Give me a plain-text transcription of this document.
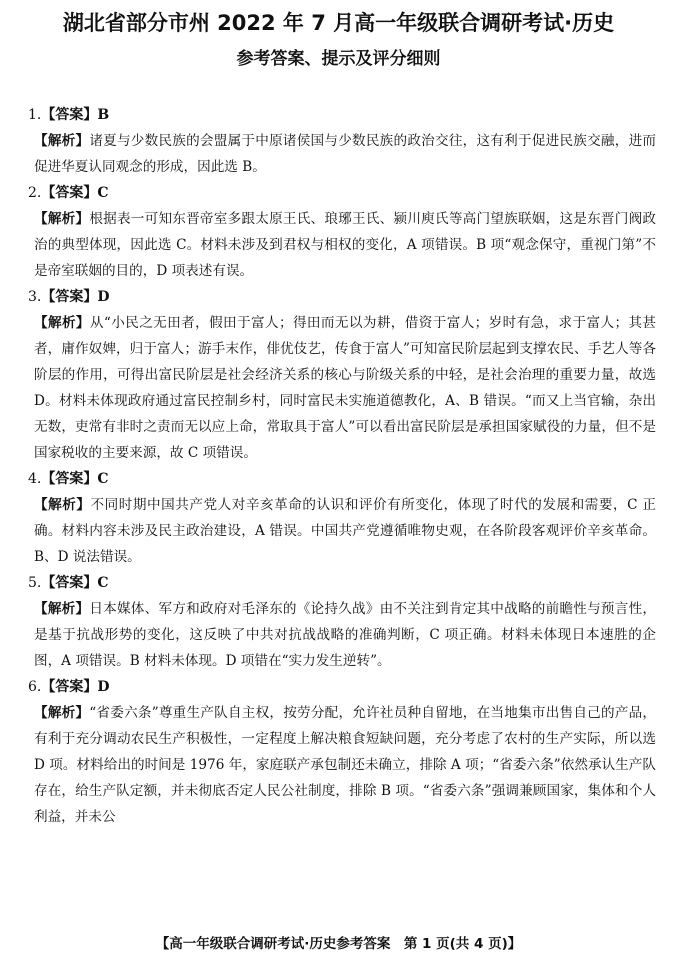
湖北省部分市州 2022 年 7 月高一年级联合调研考试·历史
参考答案、提示及评分细则
1.【答案】B
【解析】诸夏与少数民族的会盟属于中原诸侯国与少数民族的政治交往，这有利于促进民族交融，进而促进华夏认同观念的形成，因此选 B。
2.【答案】C
【解析】根据表一可知东晋帝室多跟太原王氏、琅琊王氏、颍川庾氏等高门望族联姻，这是东晋门阀政治的典型体现，因此选 C。材料未涉及到君权与相权的变化，A 项错误。B 项“观念保守，重视门第”不是帝室联姻的目的，D 项表述有误。
3.【答案】D
【解析】从“小民之无田者，假田于富人；得田而无以为耕，借资于富人；岁时有急，求于富人；其甚者，庸作奴婢，归于富人；游手末作，俳优伎艺，传食于富人”可知富民阶层起到支撑农民、手艺人等各阶层的作用，可得出富民阶层是社会经济关系的核心与阶级关系的中轻，是社会治理的重要力量，故选 D。材料未体现政府通过富民控制乡村，同时富民未实施道德教化，A、B 错误。“而又上当官输，杂出无数，吏常有非时之责而无以应上命，常取具于富人”可以看出富民阶层是承担国家赋役的力量，但不是国家税收的主要来源，故 C 项错误。
4.【答案】C
【解析】不同时期中国共产党人对辛亥革命的认识和评价有所变化，体现了时代的发展和需要，C 正确。材料内容未涉及民主政治建设，A 错误。中国共产党遵循唯物史观，在各阶段客观评价辛亥革命。B、D 说法错误。
5.【答案】C
【解析】日本媒体、军方和政府对毛泽东的《论持久战》由不关注到肯定其中战略的前瞻性与预言性，是基于抗战形势的变化，这反映了中共对抗战战略的准确判断，C 项正确。材料未体现日本速胜的企图，A 项错误。B 材料未体现。D 项错在“实力发生逆转”。
6.【答案】D
【解析】“省委六条”尊重生产队自主权，按劳分配，允许社员种自留地，在当地集市出售自己的产品，有利于充分调动农民生产积极性，一定程度上解决粮食短缺问题，充分考虑了农村的生产实际，所以选 D 项。材料给出的时间是 1976 年，家庭联产承包制还未确立，排除 A 项；“省委六条”依然承认生产队存在，给生产队定额，并未彻底否定人民公社制度，排除 B 项。“省委六条”强调兼顾国家，集体和个人利益，并未公
【高一年级联合调研考试·历史参考答案　第 1 页(共 4 页)】
